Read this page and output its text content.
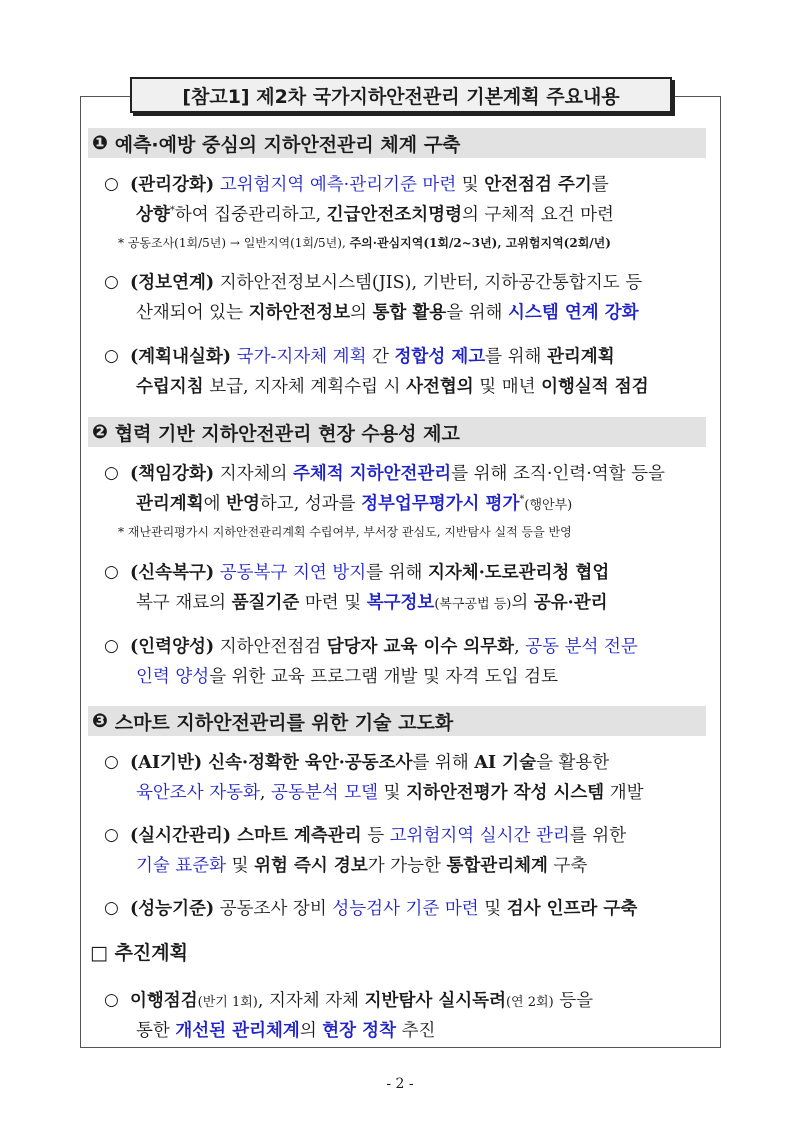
[참고1] 제2차 국가지하안전관리 기본계획 주요내용
❶
예측·예방 중심의 지하안전관리 체계 구축
○ (관리강화) 고위험지역 예측·관리기준 마련 및 안전점검 주기를
상향*하여 집중관리하고, 긴급안전조치명령의 구체적 요건 마련
* 공동조사(1회/5년) → 일반지역(1회/5년), 주의·관심지역(1회/2~3년), 고위험지역(2회/년)
○ (정보연계) 지하안전정보시스템(JIS), 기반터, 지하공간통합지도 등
산재되어 있는 지하안전정보의 통합 활용을 위해 시스템 연계 강화
○ (계획내실화) 국가-지자체 계획 간 정합성 제고를 위해 관리계획
수립지침 보급, 지자체 계획수립 시 사전협의 및 매년 이행실적 점검
❷
협력 기반 지하안전관리 현장 수용성 제고
○ (책임강화) 지자체의 주체적 지하안전관리를 위해 조직·인력·역할 등을
관리계획에 반영하고, 성과를 정부업무평가시 평가*(행안부)
* 재난관리평가시 지하안전관리계획 수립여부, 부서장 관심도, 지반탐사 실적 등을 반영
○ (신속복구) 공동복구 지연 방지를 위해 지자체·도로관리청 협업
복구 재료의 품질기준 마련 및 복구정보(복구공법 등)의 공유·관리
○ (인력양성) 지하안전점검 담당자 교육 이수 의무화, 공동 분석 전문
인력 양성을 위한 교육 프로그램 개발 및 자격 도입 검토
❸
스마트 지하안전관리를 위한 기술 고도화
○ (AI기반) 신속·정확한 육안·공동조사를 위해 AI 기술을 활용한
육안조사 자동화, 공동분석 모델 및 지하안전평가 작성 시스템 개발
○ (실시간관리) 스마트 계측관리 등 고위험지역 실시간 관리를 위한
기술 표준화 및 위험 즉시 경보가 가능한 통합관리체계 구축
○ (성능기준) 공동조사 장비 성능검사 기준 마련 및 검사 인프라 구축
□ 추진계획
○ 이행점검(반기 1회), 지자체 자체 지반탐사 실시독려(연 2회) 등을
통한 개선된 관리체계의 현장 정착 추진
- 2 -
